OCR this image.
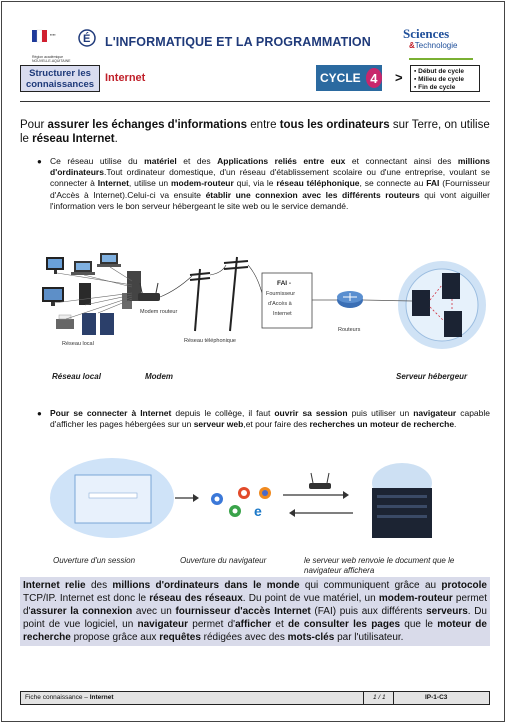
▪▪▪▪ É
Région académique
NOUVELLE-AQUITAINE
L'INFORMATIQUE ET LA PROGRAMMATION
Sciences
&Technologie
Structurer les connaissances Internet	CYCLE 4	> ▪ Début de cycle
▪ Milieu de cycle
▪ Fin de cycle
Pour assurer les échanges d'informations entre tous les ordinateurs sur Terre, on utilise le réseau Internet.
● Ce réseau utilise du matériel et des Applications reliés entre eux et connectant ainsi des millions d'ordinateurs.Tout ordinateur domestique, d'un réseau d'établissement scolaire ou d'une entreprise, voulant se connecter à Internet, utilise un modem-routeur qui, via le réseau téléphonique, se connecte au FAI (Fournisseur d'Accès à Internet).Celui-ci va ensuite établir une connexion avec les différents routeurs qui vont aiguiller l'information vers le bon serveur hébergeant le site web ou le service demandé.
Modem routeur
Réseau local	Réseau téléphonique
FAI -
Fournisseur
d'Accès à
Internet
Routeurs
Réseau local	Modem	Serveur hébergeur
● Pour se connecter à Internet depuis le collège, il faut ouvrir sa session puis utiliser un navigateur capable d'afficher les pages hébergées sur un serveur web,et pour faire des recherches un moteur de recherche.
e
Ouverture d'un session	Ouverture du navigateur	le serveur web renvoie le document que le navigateur affichera
Internet relie des millions d'ordinateurs dans le monde qui communiquent grâce au protocole TCP/IP. Internet est donc le réseau des réseaux. Du point de vue matériel, un modem-routeur permet d'assurer la connexion avec un fournisseur d'accès Internet (FAI) puis aux différents serveurs. Du point de vue logiciel, un navigateur permet d'afficher et de consulter les pages que le moteur de recherche propose grâce aux requêtes rédigées avec des mots-clés par l'utilisateur.
Fiche connaissance – Internet	1 / 1	IP-1-C3
